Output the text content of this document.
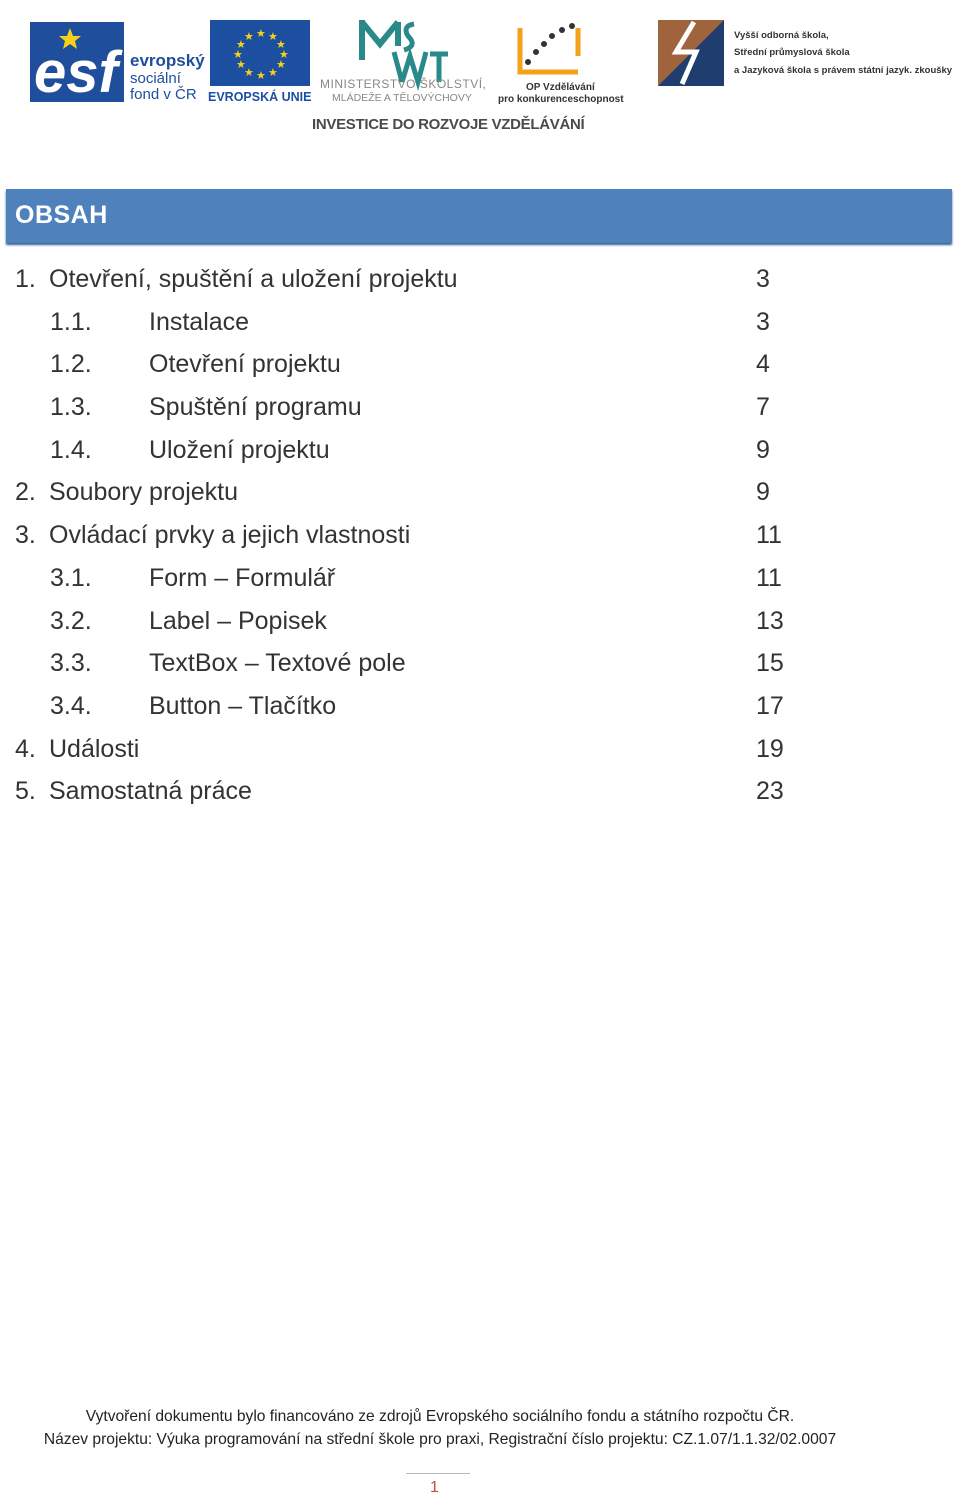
esf evropský
sociální
fond v ČR
★ ★
★
★
★
★
★
★
★
★
★
★
EVROPSKÁ UNIE
MINISTERSTVO ŠKOLSTVÍ,
MLÁDEŽE A TĚLOVÝCHOVY
OP Vzdělávání
pro konkurenceschopnost
Vyšší odborná škola,
Střední průmyslová škola
a Jazyková škola s právem státní jazyk. zkoušky
INVESTICE DO ROZVOJE VZDĚLÁVÁNÍ
OBSAH
1. Otevření, spuštění a uložení projektu	3
1.1. Instalace	3
1.2. Otevření projektu	4
1.3. Spuštění programu	7
1.4. Uložení projektu	9
2. Soubory projektu	9
3. Ovládací prvky a jejich vlastnosti	11
3.1. Form – Formulář	11
3.2. Label – Popisek	13
3.3. TextBox – Textové pole	15
3.4. Button – Tlačítko	17
4. Události	19
5. Samostatná práce	23
Vytvoření dokumentu bylo financováno ze zdrojů Evropského sociálního fondu a státního rozpočtu ČR.
Název projektu: Výuka programování na střední škole pro praxi, Registrační číslo projektu: CZ.1.07/1.1.32/02.0007
1
